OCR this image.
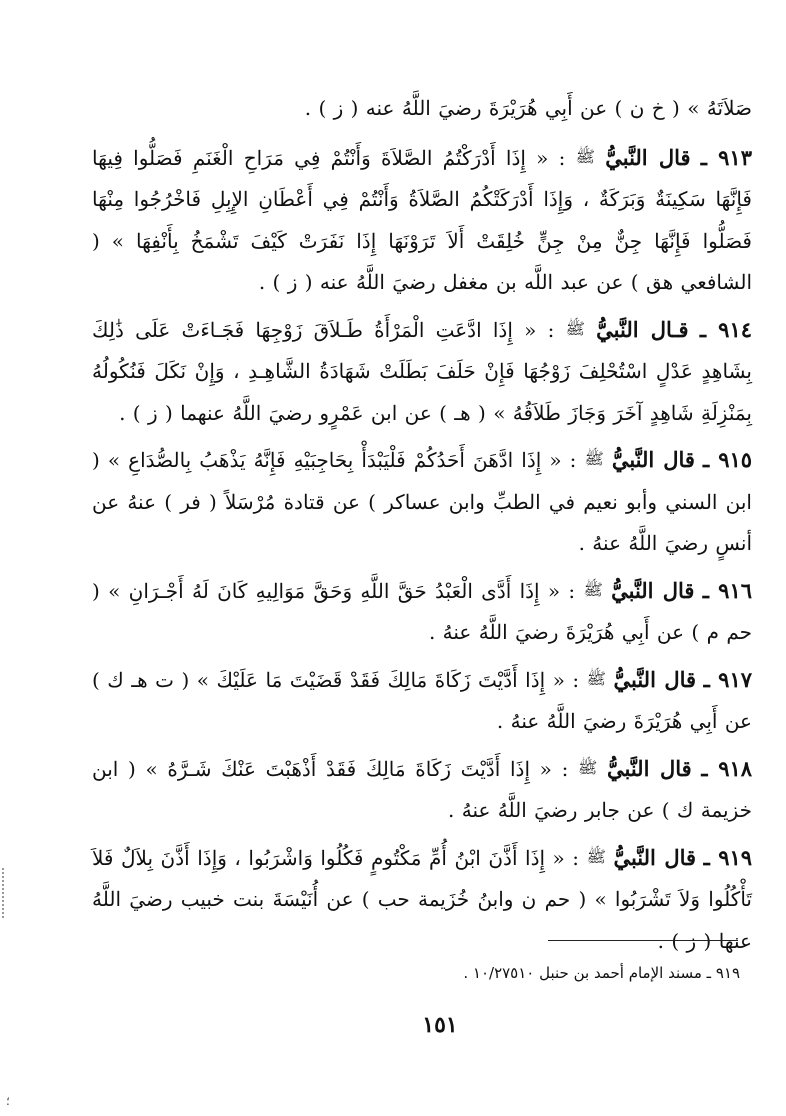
صَلاَتَهُ » ( خ ن ) عن أَبِي هُرَيْرَةَ رضيَ اللَّهُ عنه ( ز ) .

٩١٣ ـ قال النَّبيُّ ﷺ : « إِذَا أَدْرَكْتُمُ الصَّلاَةَ وَأَنْتُمْ فِي مَرَاحِ الْغَنَمِ فَصَلُّوا فِيهَا فَإِنَّهَا سَكِينَةٌ وَبَرَكَةٌ ، وَإِذَا أَدْرَكَتْكُمُ الصَّلاَةُ وَأَنْتُمْ فِي أَعْطَانِ الإِبِلِ فَاخْرُجُوا مِنْهَا فَصَلُّوا فَإِنَّهَا جِنٌّ مِنْ جِنٍّ خُلِقَتْ أَلاَ تَرَوْنَهَا إِذَا نَفَرَتْ كَيْفَ تَشْمَخُ بِأَنْفِهَا » ( الشافعي هق ) عن عبد اللَّه بن مغفل رضيَ اللَّهُ عنه ( ز ) .

٩١٤ ـ قـال النَّبيُّ ﷺ : « إِذَا ادَّعَتِ الْمَرْأَةُ طَـلاَقَ زَوْجِهَا فَجَـاءَتْ عَلَى ذَٰلِكَ بِشَاهِدٍ عَدْلٍ اسْتُحْلِفَ زَوْجُهَا فَإِنْ حَلَفَ بَطَلَتْ شَهَادَةُ الشَّاهِـدِ ، وَإِنْ نَكَلَ فَنُكُولُهُ بِمَنْزِلَةِ شَاهِدٍ آخَرَ وَجَازَ طَلاَقُهُ » ( هـ ) عن ابن عَمْرٍو رضيَ اللَّهُ عنهما ( ز ) .

٩١٥ ـ قال النَّبيُّ ﷺ : « إِذَا ادَّهَنَ أَحَدُكُمْ فَلْيَبْدَأْ بِحَاجِبَيْهِ فَإِنَّهُ يَذْهَبُ بِالصُّدَاعِ » ( ابن السني وأبو نعيم في الطبِّ وابن عساكر ) عن قتادة مُرْسَلاً ( فر ) عنهُ عن أنسٍ رضيَ اللَّهُ عنهُ .

٩١٦ ـ قال النَّبيُّ ﷺ : « إِذَا أَدَّى الْعَبْدُ حَقَّ اللَّهِ وَحَقَّ مَوَالِيهِ كَانَ لَهُ أَجْـرَانِ » ( حم م ) عن أَبِي هُرَيْرَةَ رضيَ اللَّهُ عنهُ .

٩١٧ ـ قال النَّبيُّ ﷺ : « إِذَا أَدَّيْتَ زَكَاةَ مَالِكَ فَقَدْ قَضَيْتَ مَا عَلَيْكَ » ( ت هـ ك ) عن أَبِي هُرَيْرَةَ رضيَ اللَّهُ عنهُ .

٩١٨ ـ قال النَّبيُّ ﷺ : « إِذَا أَدَّيْتَ زَكَاةَ مَالِكَ فَقَدْ أَذْهَبْتَ عَنْكَ شَـرَّهُ » ( ابن خزيمة ك ) عن جابر رضيَ اللَّهُ عنهُ .

٩١٩ ـ قال النَّبيُّ ﷺ : « إِذَا أَذَّنَ ابْنُ أُمِّ مَكْتُومٍ فَكُلُوا وَاشْرَبُوا ، وَإِذَا أَذَّنَ بِلاَلٌ فَلاَ تَأْكُلُوا وَلاَ تَشْرَبُوا » ( حم ن وابنُ خُزَيمة حب ) عن أُنَيْسَةَ بنت خبيب رضيَ اللَّهُ عنها ( ز ) .

٩١٩ ـ مسند الإمام أحمد بن حنبل ١٠/٢٧٥١٠ .
١٥١
؛
